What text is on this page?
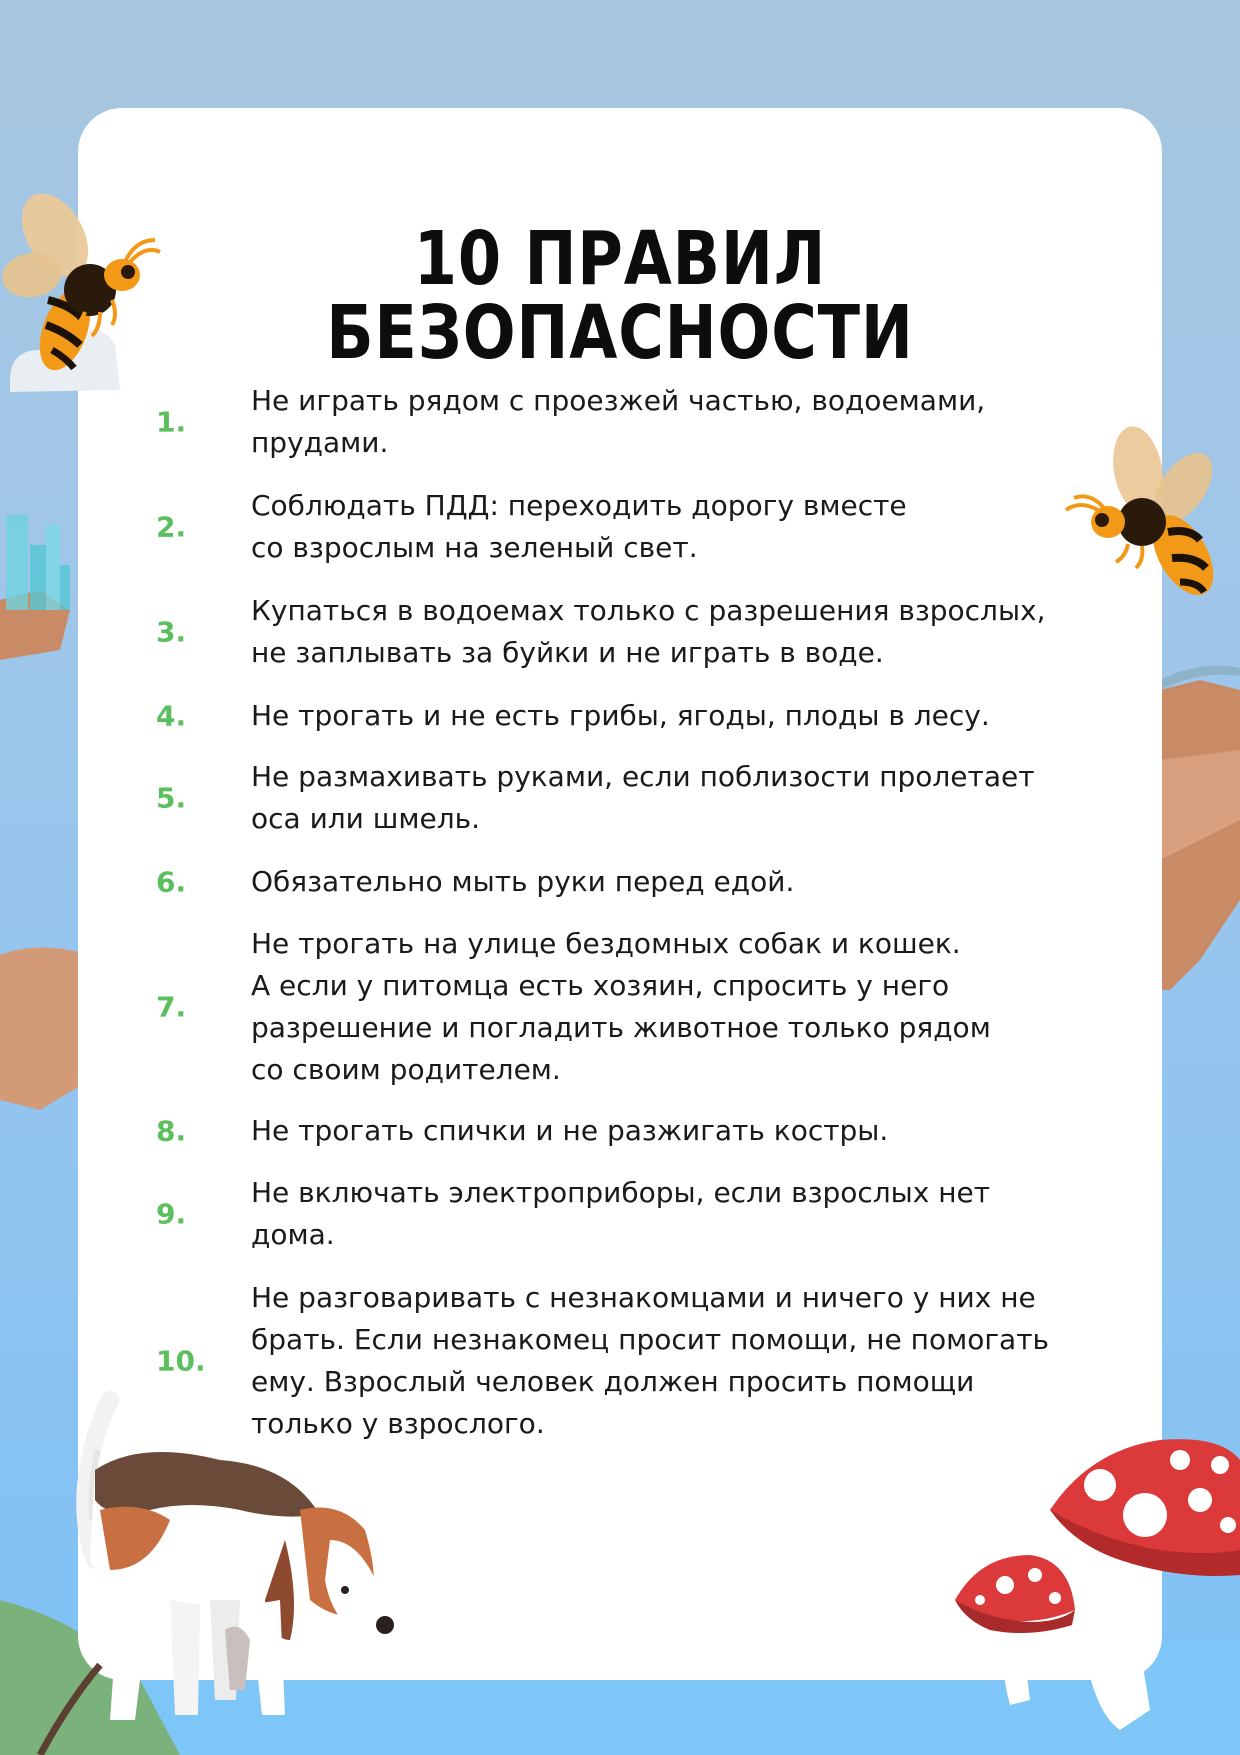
10 ПРАВИЛ БЕЗОПАСНОСТИ
1.

Не играть рядом с проезжей частью, водоемами,
прудами.

2.

Соблюдать ПДД: переходить дорогу вместе
со взрослым на зеленый свет.

3.

Купаться в водоемах только с разрешения взрослых,
не заплывать за буйки и не играть в воде.

4.	Не трогать и не есть грибы, ягоды, плоды в лесу.

5.

Не размахивать руками, если поблизости пролетает
оса или шмель.

6.	Обязательно мыть руки перед едой.

7.

Не трогать на улице бездомных собак и кошек.
А если у питомца есть хозяин, спросить у него
разрешение и погладить животное только рядом
со своим родителем.

8.	Не трогать спички и не разжигать костры.

9.

Не включать электроприборы, если взрослых нет
дома.

10.

Не разговаривать с незнакомцами и ничего у них не
брать. Если незнакомец просит помощи, не помогать
ему. Взрослый человек должен просить помощи
только у взрослого.
